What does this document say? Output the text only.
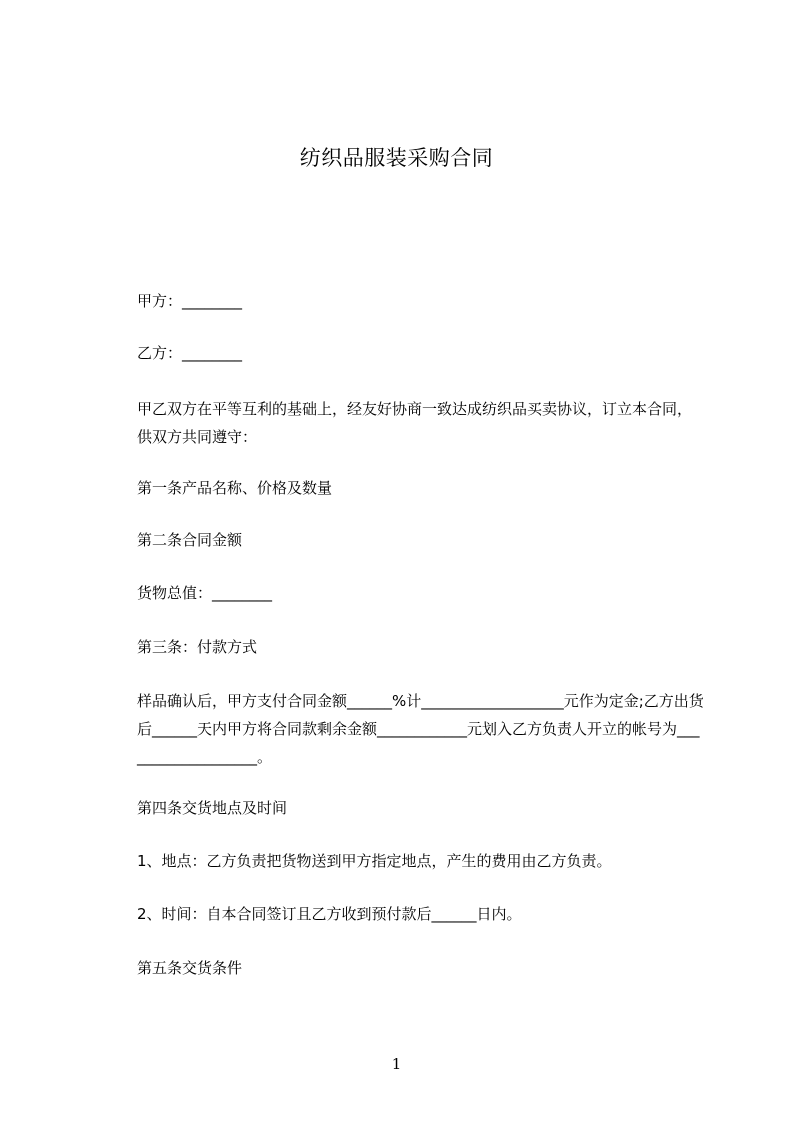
纺织品服装采购合同
甲方：________
乙方：________
甲乙双方在平等互利的基础上，经友好协商一致达成纺织品买卖协议，订立本合同，供双方共同遵守：
第一条产品名称、价格及数量
第二条合同金额
货物总值：________
第三条：付款方式
样品确认后，甲方支付合同金额______%计___________________元作为定金;乙方出货后______天内甲方将合同款剩余金额____________元划入乙方负责人开立的帐号为___________________。
第四条交货地点及时间
1、地点：乙方负责把货物送到甲方指定地点，产生的费用由乙方负责。
2、时间：自本合同签订且乙方收到预付款后______日内。
第五条交货条件
1
